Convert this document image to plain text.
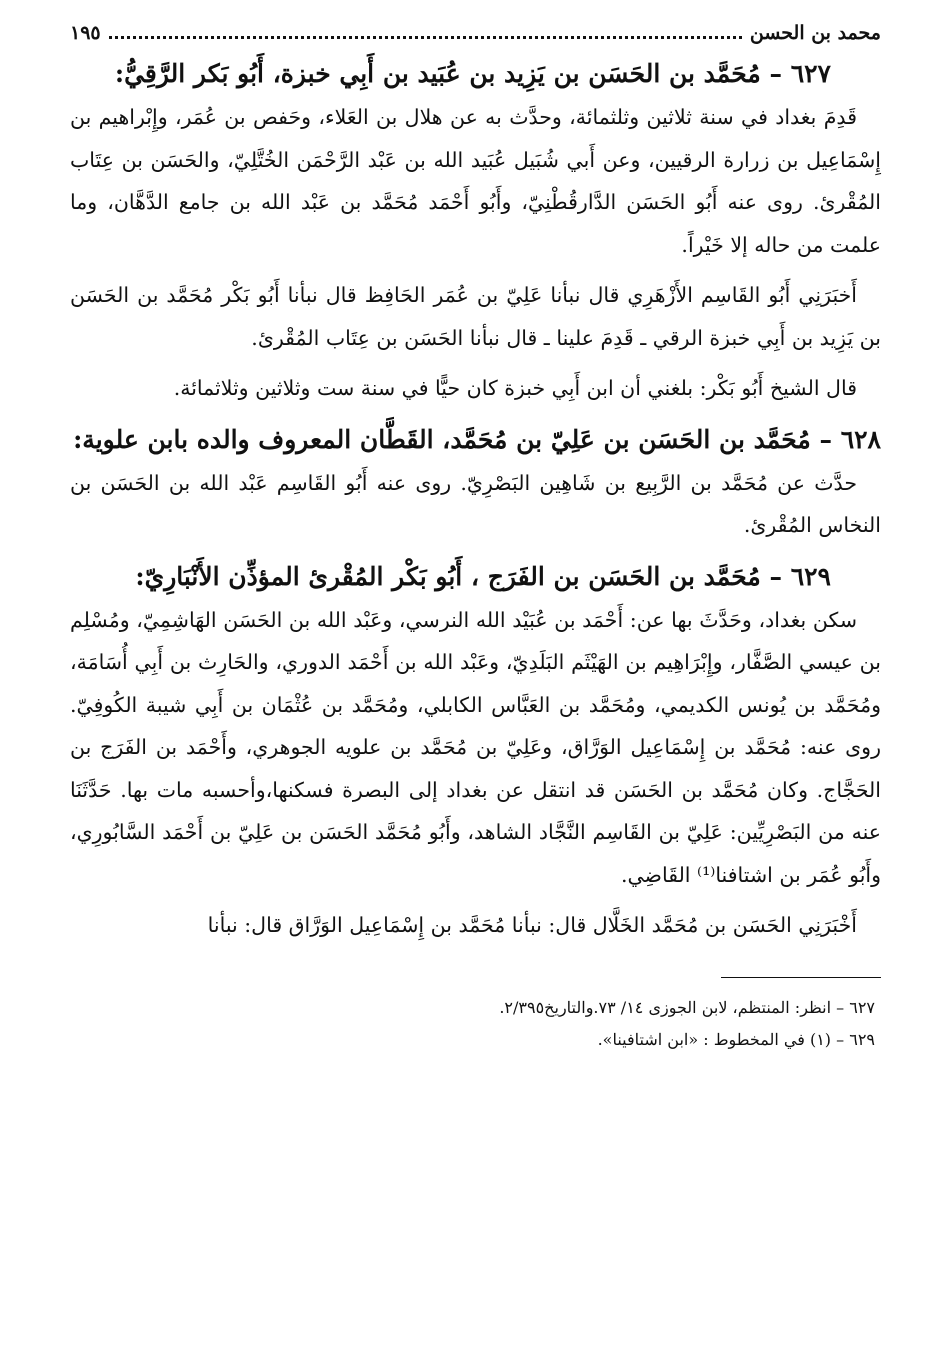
محمد بن الحسن
١٩٥
٦٢٧ – مُحَمَّد بن الحَسَن بن يَزِيد بن عُبَيد بن أَبِي خبزة، أَبُو بَكر الرَّقِيُّ:

قَدِمَ بغداد في سنة ثلاثين وثلثمائة، وحدَّث به عن هلال بن العَلاء، وحَفص بن عُمَر، وإِبْراهيم بن إِسْمَاعِيل بن زرارة الرقيين، وعن أَبي شُبَيل عُبَيد الله بن عَبْد الرَّحْمَن الخُتَّلِيّ، والحَسَن بن عِتَاب المُقْرئ. روى عنه أَبُو الحَسَن الدَّارقُطْنِيّ، وأَبُو أَحْمَد مُحَمَّد بن عَبْد الله بن جامع الدَّهَّان، وما علمت من حاله إلا خَيْراً.

أَخبَرَنِي أَبُو القَاسِم الأَزْهَرِي قال نبأنا عَلِيّ بن عُمَر الحَافِظ قال نبأنا أَبُو بَكْر مُحَمَّد بن الحَسَن بن يَزِيد بن أَبِي خبزة الرقي ـ قَدِمَ علينا ـ قال نبأنا الحَسَن بن عِتَاب المُقْرئ.

قال الشيخ أَبُو بَكْر: بلغني أن ابن أَبِي خبزة كان حيًّا في سنة ست وثلاثين وثلاثمائة.

٦٢٨ – مُحَمَّد بن الحَسَن بن عَلِيّ بن مُحَمَّد، القَطَّان المعروف والده بابن علوية:

حدَّث عن مُحَمَّد بن الرَّبِيع بن شَاهِين البَصْرِيّ. روى عنه أَبُو القَاسِم عَبْد الله بن الحَسَن بن النخاس المُقْرئ.

٦٢٩ – مُحَمَّد بن الحَسَن بن الفَرَج ، أَبُو بَكْر المُقْرئ المؤذِّن الأَنْبَارِيّ:

سكن بغداد، وحَدَّثَ بها عن: أَحْمَد بن عُبَيْد الله النرسي، وعَبْد الله بن الحَسَن الهَاشِمِيّ، ومُسْلِم بن عيسي الصَّفَّار، وإِبْرَاهِيم بن الهَيْثَم البَلَدِيّ، وعَبْد الله بن أَحْمَد الدوري، والحَارِث بن أَبِي أُسَامَة، ومُحَمَّد بن يُونس الكديمي، ومُحَمَّد بن العَبَّاس الكابلي، ومُحَمَّد بن عُثْمَان بن أَبِي شيبة الكُوفِيّ. روى عنه: مُحَمَّد بن إِسْمَاعِيل الوَرَّاق، وعَلِيّ بن مُحَمَّد بن علويه الجوهري، وأَحْمَد بن الفَرَج بن الحَجَّاج. وكان مُحَمَّد بن الحَسَن قد انتقل عن بغداد إلى البصرة فسكنها،وأحسبه مات بها. حَدَّثَنَا عنه من البَصْرِيِّين: عَلِيّ بن القَاسِم النَّجَّاد الشاهد، وأَبُو مُحَمَّد الحَسَن بن عَلِيّ بن أَحْمَد السَّابُورِي، وأَبُو عُمَر بن اشتافنا⁽¹⁾ القَاضِي.

أَخْبَرَنِي الحَسَن بن مُحَمَّد الخَلَّال قال: نبأنا مُحَمَّد بن إِسْمَاعِيل الوَرَّاق قال: نبأنا

٦٢٧ – انظر: المنتظم، لابن الجوزى ١٤/ ٧٣.والتاريخ٢/٣٩٥.

٦٢٩ – (١) في المخطوط : «ابن اشتافينا».
